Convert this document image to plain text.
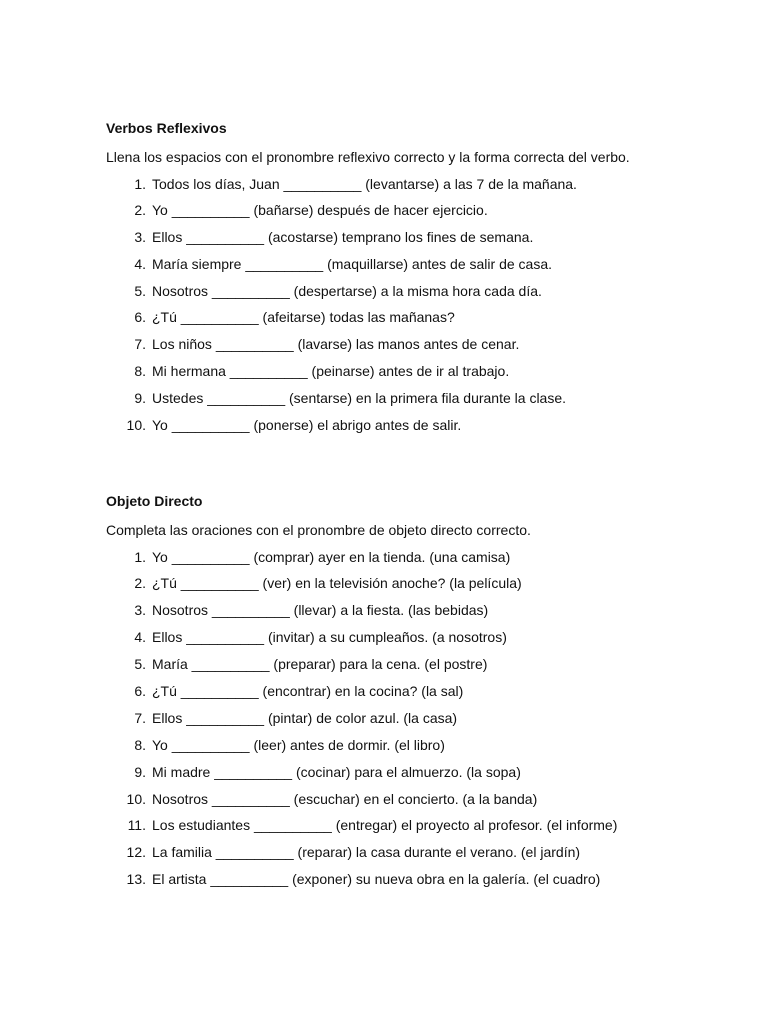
Verbos Reflexivos

Llena los espacios con el pronombre reflexivo correcto y la forma correcta del verbo.

1. Todos los días, Juan __________ (levantarse) a las 7 de la mañana.
2. Yo __________ (bañarse) después de hacer ejercicio.
3. Ellos __________ (acostarse) temprano los fines de semana.
4. María siempre __________ (maquillarse) antes de salir de casa.
5. Nosotros __________ (despertarse) a la misma hora cada día.
6. ¿Tú __________ (afeitarse) todas las mañanas?
7. Los niños __________ (lavarse) las manos antes de cenar.
8. Mi hermana __________ (peinarse) antes de ir al trabajo.
9. Ustedes __________ (sentarse) en la primera fila durante la clase.
10. Yo __________ (ponerse) el abrigo antes de salir.
Objeto Directo

Completa las oraciones con el pronombre de objeto directo correcto.

1. Yo __________ (comprar) ayer en la tienda. (una camisa)
2. ¿Tú __________ (ver) en la televisión anoche? (la película)
3. Nosotros __________ (llevar) a la fiesta. (las bebidas)
4. Ellos __________ (invitar) a su cumpleaños. (a nosotros)
5. María __________ (preparar) para la cena. (el postre)
6. ¿Tú __________ (encontrar) en la cocina? (la sal)
7. Ellos __________ (pintar) de color azul. (la casa)
8. Yo __________ (leer) antes de dormir. (el libro)
9. Mi madre __________ (cocinar) para el almuerzo. (la sopa)
10. Nosotros __________ (escuchar) en el concierto. (a la banda)
11. Los estudiantes __________ (entregar) el proyecto al profesor. (el informe)
12. La familia __________ (reparar) la casa durante el verano. (el jardín)
13. El artista __________ (exponer) su nueva obra en la galería. (el cuadro)
